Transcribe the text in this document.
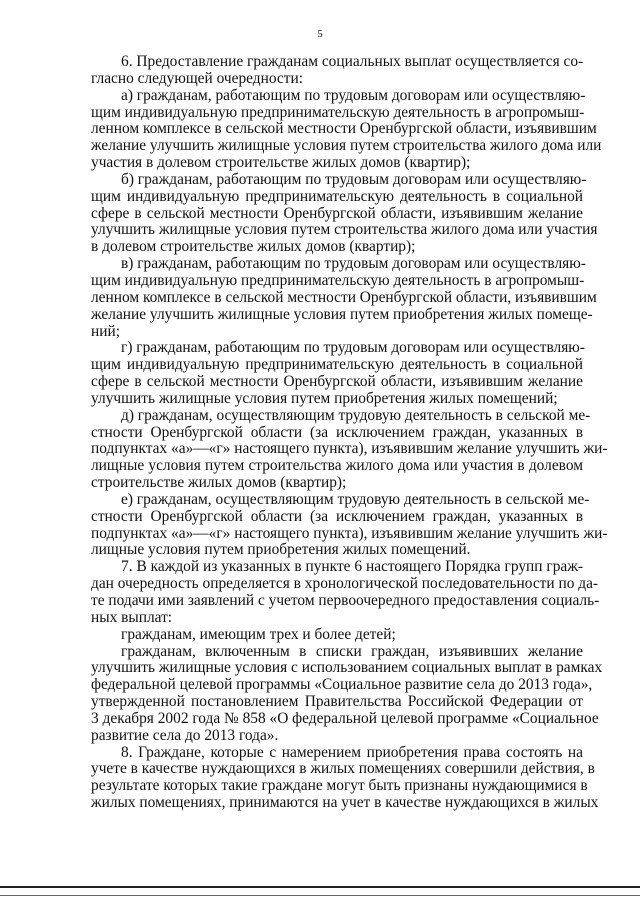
5
6. Предоставление гражданам социальных выплат осуществляется со-
гласно следующей очередности:
а) гражданам, работающим по трудовым договорам или осуществляю-
щим индивидуальную предпринимательскую деятельность в агропромыш-
ленном комплексе в сельской местности Оренбургской области, изъявившим
желание улучшить жилищные условия путем строительства жилого дома или
участия в долевом строительстве жилых домов (квартир);
б) гражданам, работающим по трудовым договорам или осуществляю-
щим индивидуальную предпринимательскую деятельность в социальной
сфере в сельской местности Оренбургской области, изъявившим желание
улучшить жилищные условия путем строительства жилого дома или участия
в долевом строительстве жилых домов (квартир);
в) гражданам, работающим по трудовым договорам или осуществляю-
щим индивидуальную предпринимательскую деятельность в агропромыш-
ленном комплексе в сельской местности Оренбургской области, изъявившим
желание улучшить жилищные условия путем приобретения жилых помеще-
ний;
г) гражданам, работающим по трудовым договорам или осуществляю-
щим индивидуальную предпринимательскую деятельность в социальной
сфере в сельской местности Оренбургской области, изъявившим желание
улучшить жилищные условия путем приобретения жилых помещений;
д) гражданам, осуществляющим трудовую деятельность в сельской ме-
стности Оренбургской области (за исключением граждан, указанных в
подпунктах «а»—«г» настоящего пункта), изъявившим желание улучшить жи-
лищные условия путем строительства жилого дома или участия в долевом
строительстве жилых домов (квартир);
е) гражданам, осуществляющим трудовую деятельность в сельской ме-
стности Оренбургской области (за исключением граждан, указанных в
подпунктах «а»—«г» настоящего пункта), изъявившим желание улучшить жи-
лищные условия путем приобретения жилых помещений.
7. В каждой из указанных в пункте 6 настоящего Порядка групп граж-
дан очередность определяется в хронологической последовательности по да-
те подачи ими заявлений с учетом первоочередного предоставления социаль-
ных выплат:
гражданам, имеющим трех и более детей;
гражданам, включенным в списки граждан, изъявивших желание
улучшить жилищные условия с использованием социальных выплат в рамках
федеральной целевой программы «Социальное развитие села до 2013 года»,
утвержденной постановлением Правительства Российской Федерации от
3 декабря 2002 года № 858 «О федеральной целевой программе «Социальное
развитие села до 2013 года».
8. Граждане, которые с намерением приобретения права состоять на
учете в качестве нуждающихся в жилых помещениях совершили действия, в
результате которых такие граждане могут быть признаны нуждающимися в
жилых помещениях, принимаются на учет в качестве нуждающихся в жилых
